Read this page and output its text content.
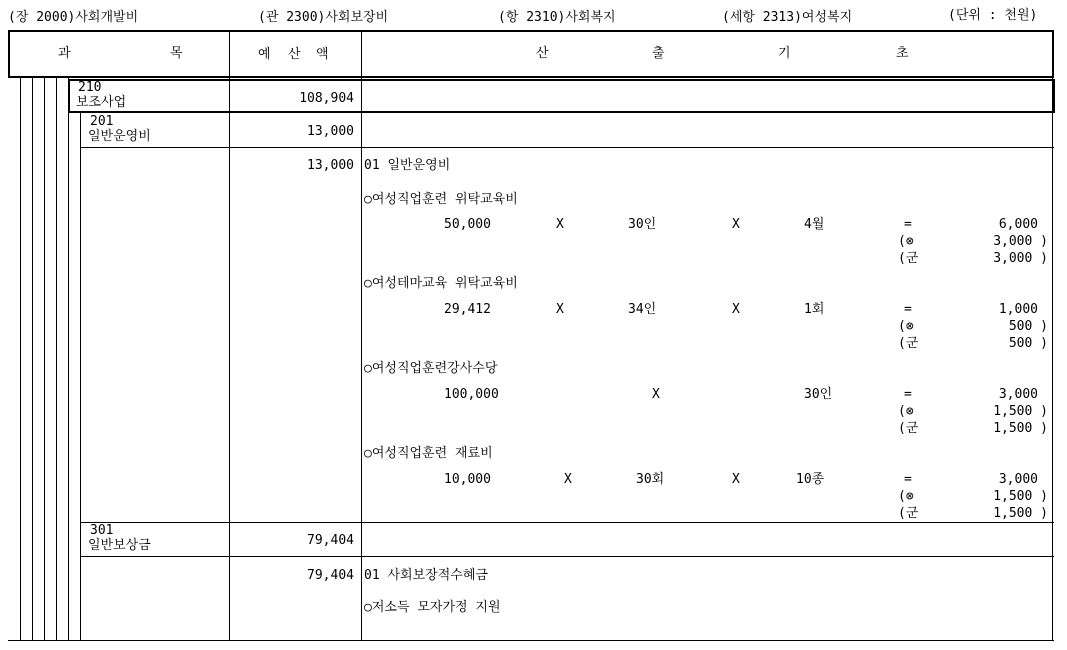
(장 2000)사회개발비	(관 2300)사회보장비	(항 2310)사회복지	(세항 2313)여성복지	(단위 : 천원)
과	목	예 산 액	산	출	기	초
210
보조사업	108,904
201
일반운영비	13,000
13,000 01 일반운영비
○여성직업훈련 위탁교육비
50,000	X	30인	X	4월	=	6,000
(⊗	3,000 )
(군	3,000 )
○여성테마교육 위탁교육비
29,412	X	34인	X	1회	=	1,000
(⊗	500 )
(군	500 )
○여성직업훈련강사수당
100,000	X	30인	=	3,000
(⊗	1,500 )
(군	1,500 )
○여성직업훈련 재료비
10,000	X	30회	X	10종	=	3,000
(⊗	1,500 )
(군	1,500 )
301
일반보상금	79,404
79,404 01 사회보장적수혜금
○저소득 모자가정 지원
